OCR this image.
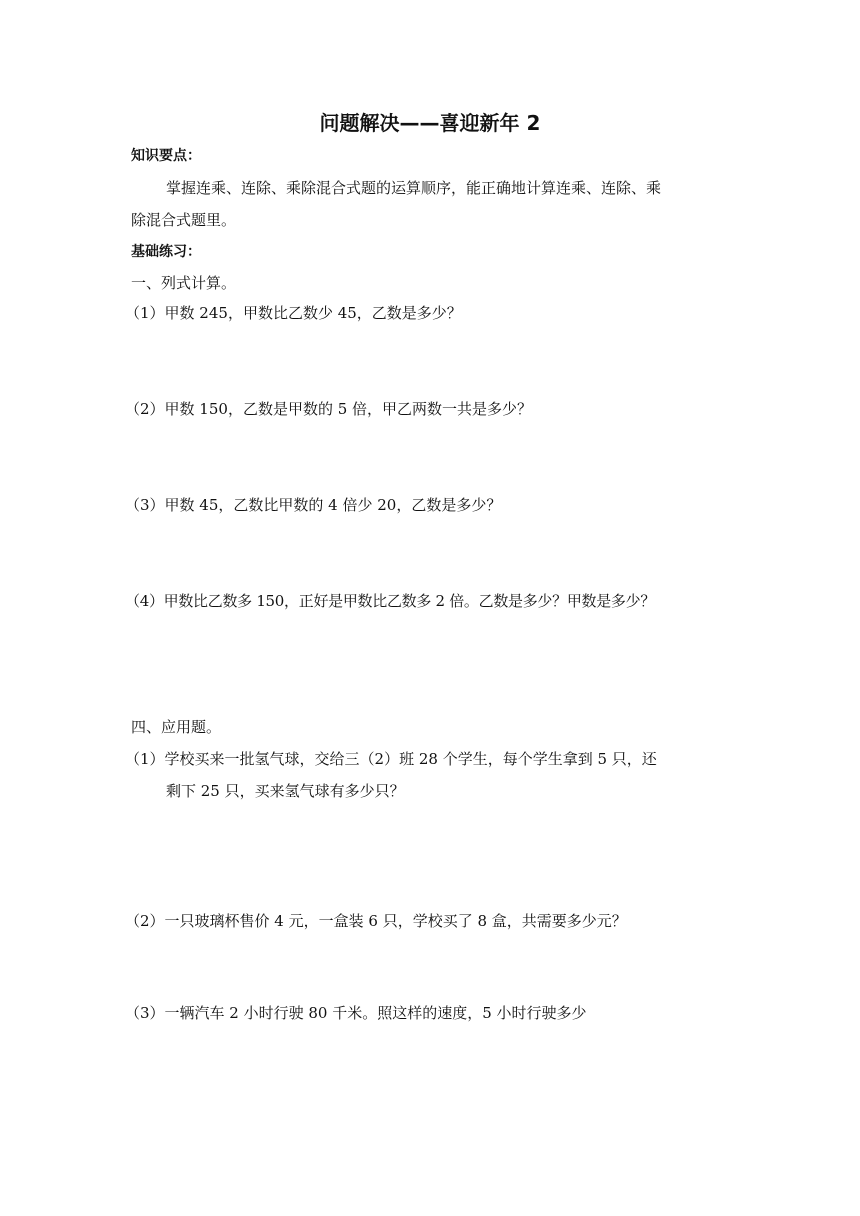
问题解决——喜迎新年 2
知识要点：
掌握连乘、连除、乘除混合式题的运算顺序，能正确地计算连乘、连除、乘
除混合式题里。
基础练习：
一、列式计算。
（1）甲数 245，甲数比乙数少 45，乙数是多少？
（2）甲数 150，乙数是甲数的 5 倍，甲乙两数一共是多少？
（3）甲数 45，乙数比甲数的 4 倍少 20，乙数是多少？
（4）甲数比乙数多 150，正好是甲数比乙数多 2 倍。乙数是多少？甲数是多少？
四、应用题。
（1）学校买来一批氢气球，交给三（2）班 28 个学生，每个学生拿到 5 只，还
剩下 25 只，买来氢气球有多少只？
（2）一只玻璃杯售价 4 元，一盒装 6 只，学校买了 8 盒，共需要多少元？
（3）一辆汽车 2 小时行驶 80 千米。照这样的速度，5 小时行驶多少
